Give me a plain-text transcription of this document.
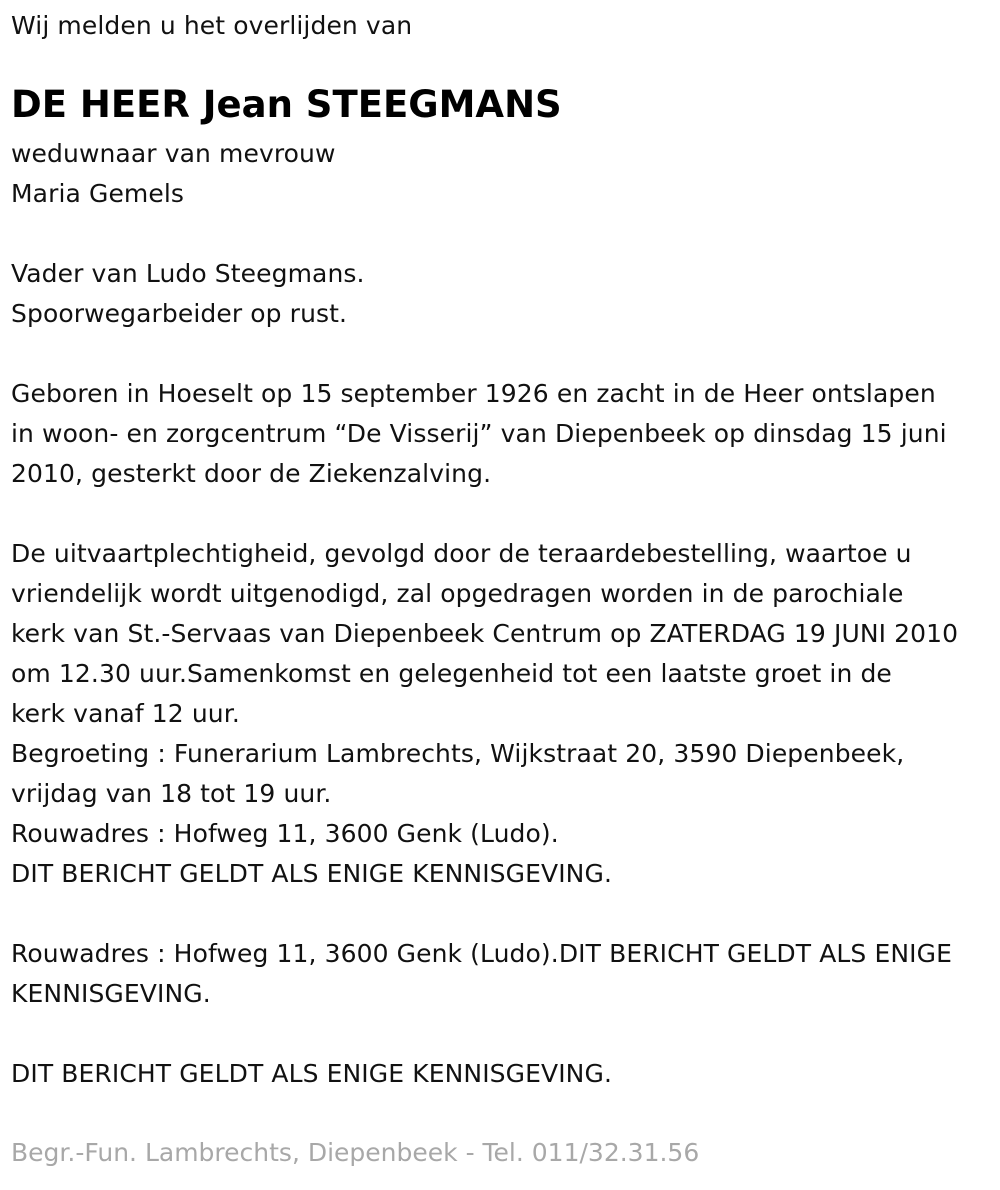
Wij melden u het overlijden van
DE HEER Jean STEEGMANS
weduwnaar van mevrouw
Maria Gemels
Vader van Ludo Steegmans.
Spoorwegarbeider op rust.
Geboren in Hoeselt op 15 september 1926 en zacht in de Heer ontslapen
in woon- en zorgcentrum “De Visserij” van Diepenbeek op dinsdag 15 juni
2010, gesterkt door de Ziekenzalving.
De uitvaartplechtigheid, gevolgd door de teraardebestelling, waartoe u
vriendelijk wordt uitgenodigd, zal opgedragen worden in de parochiale
kerk van St.-Servaas van Diepenbeek Centrum op ZATERDAG 19 JUNI 2010
om 12.30 uur.Samenkomst en gelegenheid tot een laatste groet in de
kerk vanaf 12 uur.
Begroeting : Funerarium Lambrechts, Wijkstraat 20, 3590 Diepenbeek,
vrijdag van 18 tot 19 uur.
Rouwadres : Hofweg 11, 3600 Genk (Ludo).
DIT BERICHT GELDT ALS ENIGE KENNISGEVING.
Rouwadres : Hofweg 11, 3600 Genk (Ludo).DIT BERICHT GELDT ALS ENIGE
KENNISGEVING.
DIT BERICHT GELDT ALS ENIGE KENNISGEVING.
Begr.-Fun. Lambrechts, Diepenbeek - Tel. 011/32.31.56
